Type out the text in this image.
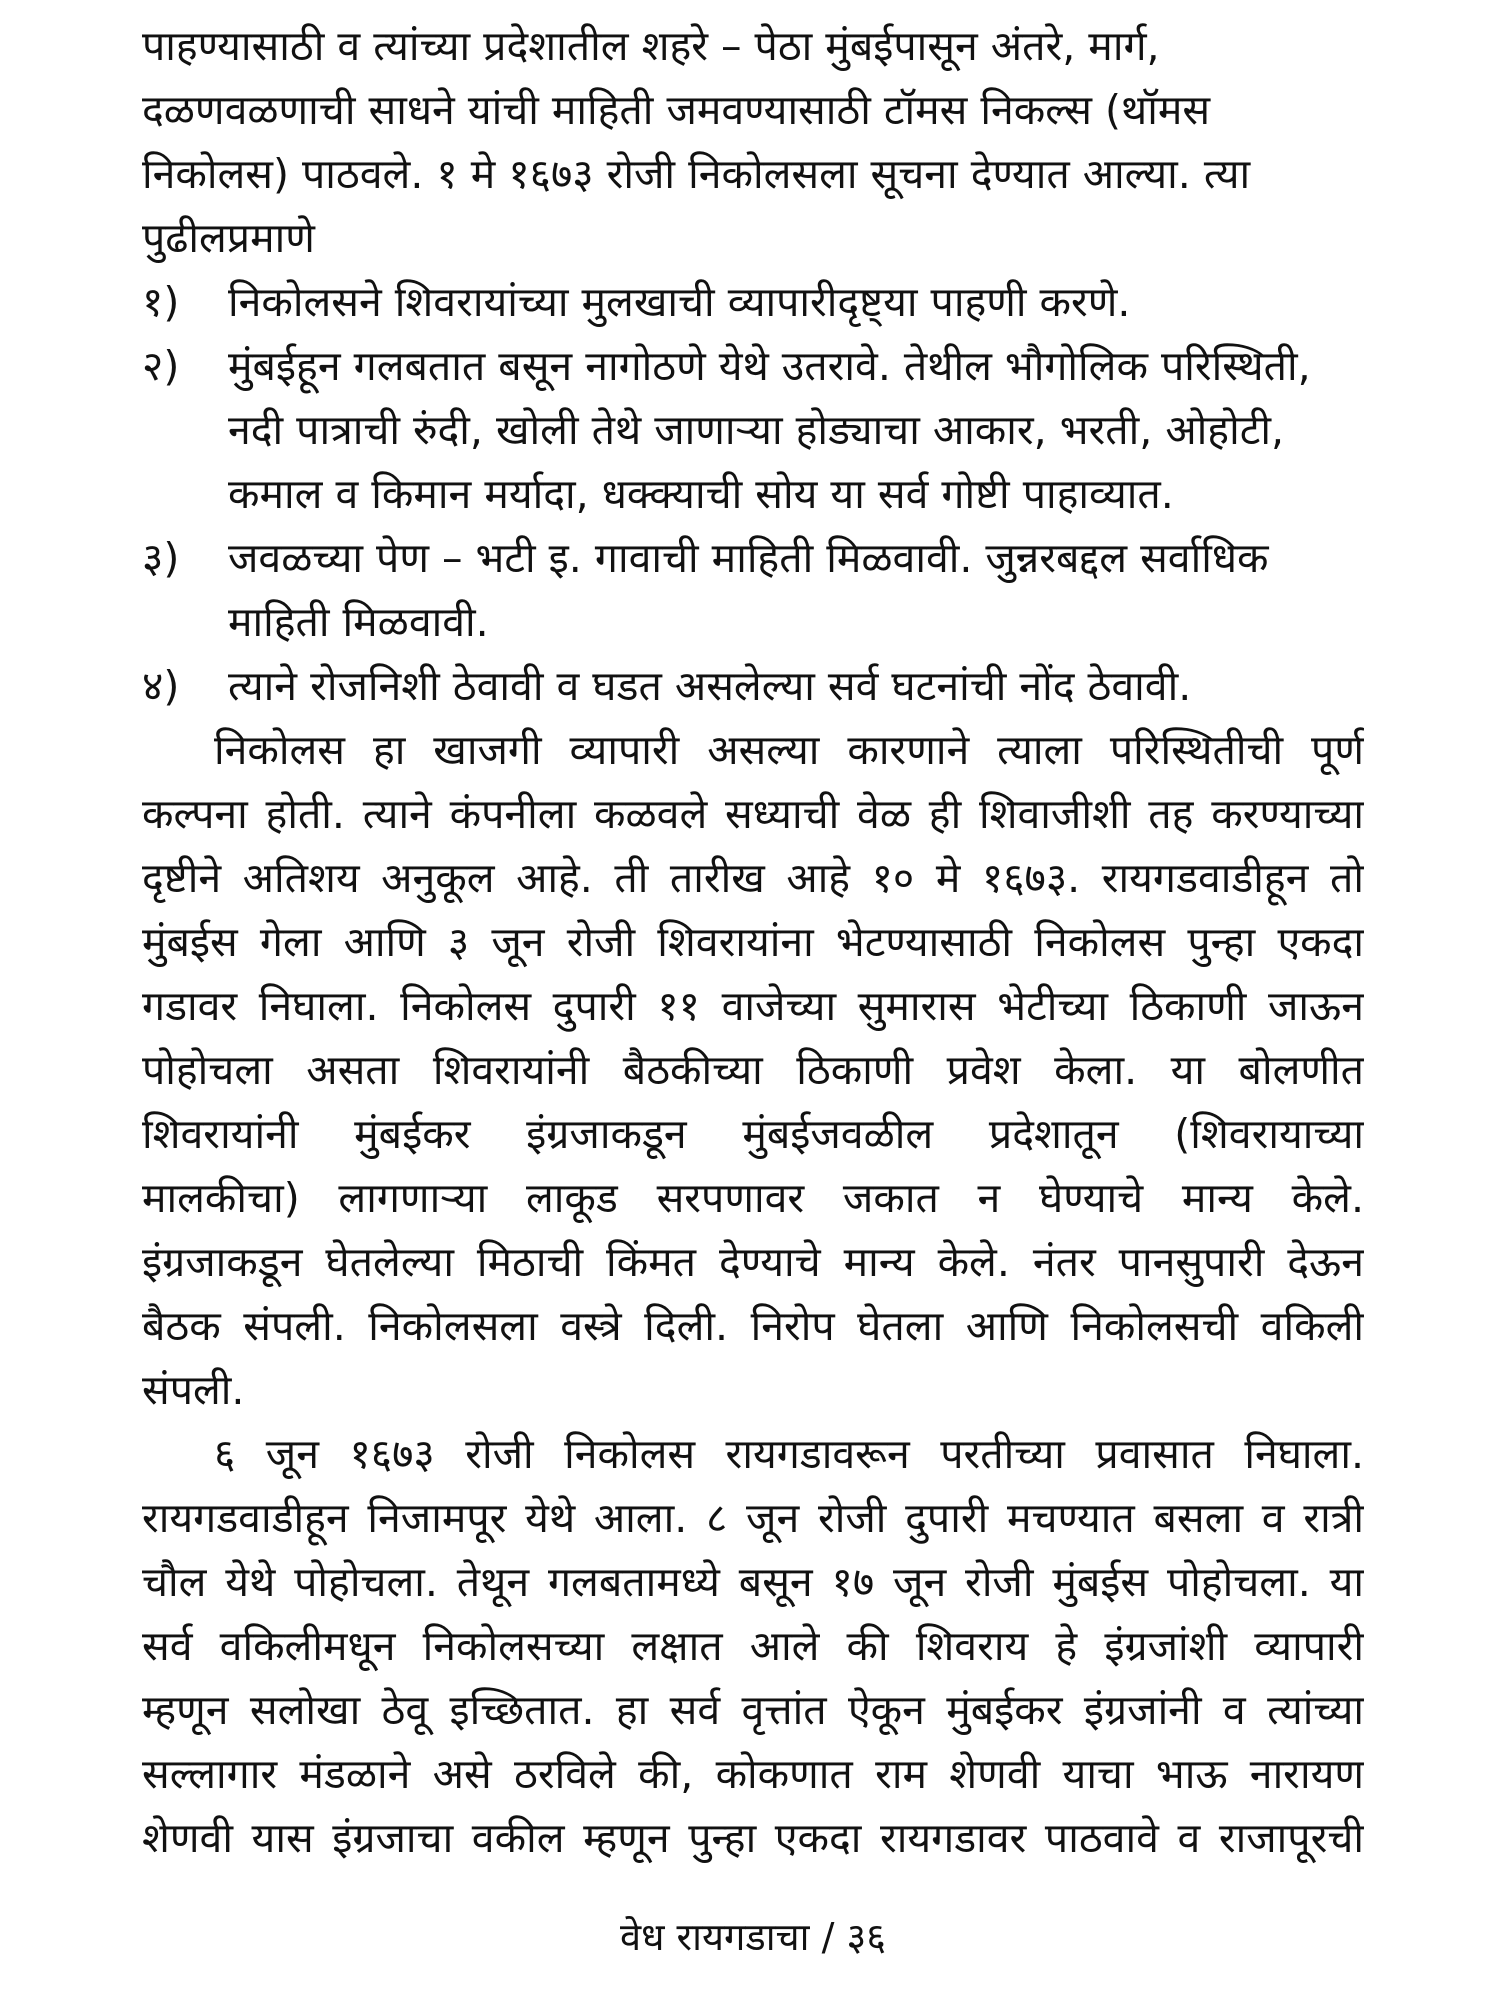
पाहण्यासाठी व त्यांच्या प्रदेशातील शहरे – पेठा मुंबईपासून अंतरे, मार्ग,
दळणवळणाची साधने यांची माहिती जमवण्यासाठी टॉमस निकल्स (थॉमस
निकोलस) पाठवले. १ मे १६७३ रोजी निकोलसला सूचना देण्यात आल्या. त्या
पुढीलप्रमाणे
१)	निकोलसने शिवरायांच्या मुलखाची व्यापारीदृष्ट्या पाहणी करणे.
२)	मुंबईहून गलबतात बसून नागोठणे येथे उतरावे. तेथील भौगोलिक परिस्थिती,
नदी पात्राची रुंदी, खोली तेथे जाणाऱ्या होड्याचा आकार, भरती, ओहोटी,
कमाल व किमान मर्यादा, धक्क्याची सोय या सर्व गोष्टी पाहाव्यात.
३)	जवळच्या पेण – भटी इ. गावाची माहिती मिळवावी. जुन्नरबद्दल सर्वाधिक
माहिती मिळवावी.
४)	त्याने रोजनिशी ठेवावी व घडत असलेल्या सर्व घटनांची नोंद ठेवावी.
निकोलस हा खाजगी व्यापारी असल्या कारणाने त्याला परिस्थितीची पूर्ण
कल्पना होती. त्याने कंपनीला कळवले सध्याची वेळ ही शिवाजीशी तह करण्याच्या
दृष्टीने अतिशय अनुकूल आहे. ती तारीख आहे १० मे १६७३. रायगडवाडीहून तो
मुंबईस गेला आणि ३ जून रोजी शिवरायांना भेटण्यासाठी निकोलस पुन्हा एकदा
गडावर निघाला. निकोलस दुपारी ११ वाजेच्या सुमारास भेटीच्या ठिकाणी जाऊन
पोहोचला असता शिवरायांनी बैठकीच्या ठिकाणी प्रवेश केला. या बोलणीत
शिवरायांनी मुंबईकर इंग्रजाकडून मुंबईजवळील प्रदेशातून (शिवरायाच्या
मालकीचा) लागणाऱ्या लाकूड सरपणावर जकात न घेण्याचे मान्य केले.
इंग्रजाकडून घेतलेल्या मिठाची किंमत देण्याचे मान्य केले. नंतर पानसुपारी देऊन
बैठक संपली. निकोलसला वस्त्रे दिली. निरोप घेतला आणि निकोलसची वकिली
संपली.
६ जून १६७३ रोजी निकोलस रायगडावरून परतीच्या प्रवासात निघाला.
रायगडवाडीहून निजामपूर येथे आला. ८ जून रोजी दुपारी मचण्यात बसला व रात्री
चौल येथे पोहोचला. तेथून गलबतामध्ये बसून १७ जून रोजी मुंबईस पोहोचला. या
सर्व वकिलीमधून निकोलसच्या लक्षात आले की शिवराय हे इंग्रजांशी व्यापारी
म्हणून सलोखा ठेवू इच्छितात. हा सर्व वृत्तांत ऐकून मुंबईकर इंग्रजांनी व त्यांच्या
सल्लागार मंडळाने असे ठरविले की, कोकणात राम शेणवी याचा भाऊ नारायण
शेणवी यास इंग्रजाचा वकील म्हणून पुन्हा एकदा रायगडावर पाठवावे व राजापूरची
वेध रायगडाचा / ३६
